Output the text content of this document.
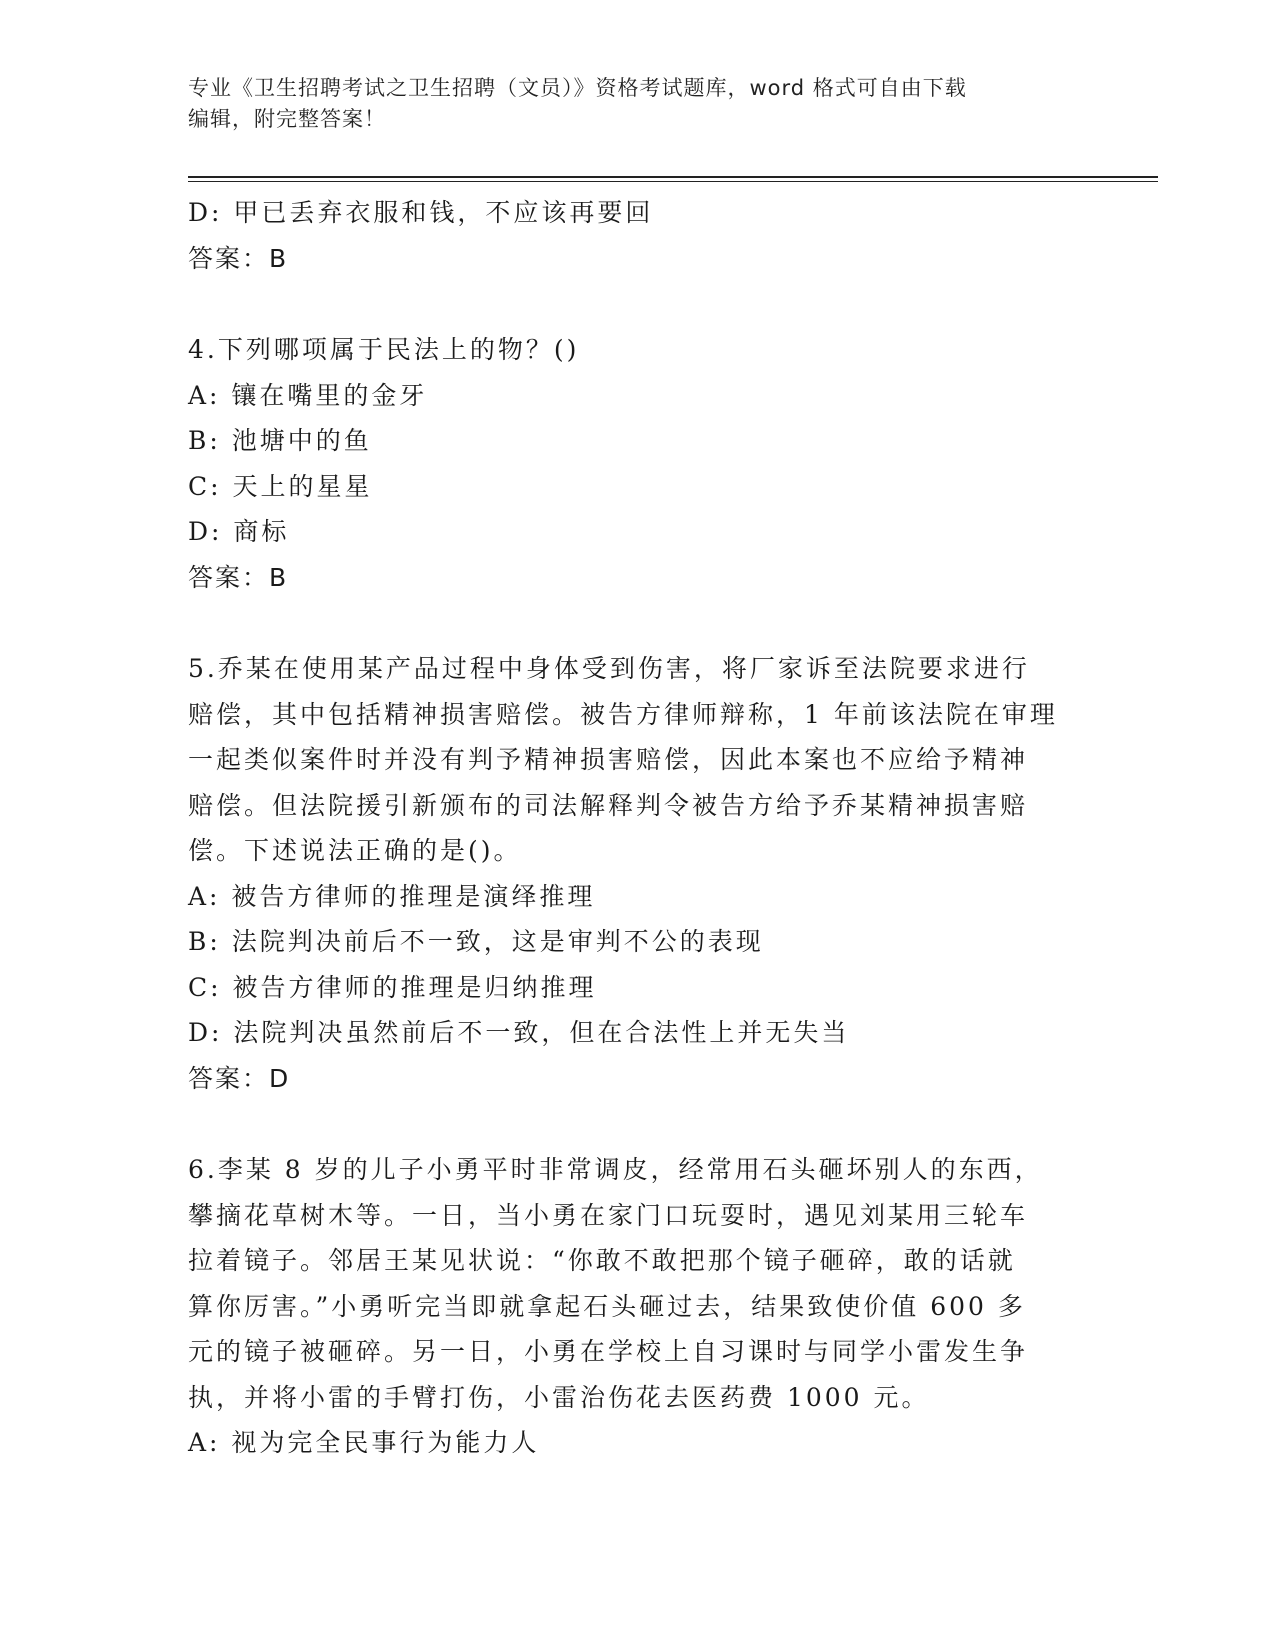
专业《卫生招聘考试之卫生招聘（文员）》资格考试题库，word 格式可自由下载
编辑，附完整答案！
D: 甲已丢弃衣服和钱，不应该再要回
答案：B
4.下列哪项属于民法上的物？()
A: 镶在嘴里的金牙
B: 池塘中的鱼
C: 天上的星星
D: 商标
答案：B
5.乔某在使用某产品过程中身体受到伤害，将厂家诉至法院要求进行
赔偿，其中包括精神损害赔偿。被告方律师辩称，1 年前该法院在审理
一起类似案件时并没有判予精神损害赔偿，因此本案也不应给予精神
赔偿。但法院援引新颁布的司法解释判令被告方给予乔某精神损害赔
偿。下述说法正确的是()。
A: 被告方律师的推理是演绎推理
B: 法院判决前后不一致，这是审判不公的表现
C: 被告方律师的推理是归纳推理
D: 法院判决虽然前后不一致，但在合法性上并无失当
答案：D
6.李某 8 岁的儿子小勇平时非常调皮，经常用石头砸坏别人的东西，
攀摘花草树木等。一日，当小勇在家门口玩耍时，遇见刘某用三轮车
拉着镜子。邻居王某见状说：“你敢不敢把那个镜子砸碎，敢的话就
算你厉害。”小勇听完当即就拿起石头砸过去，结果致使价值 600 多
元的镜子被砸碎。另一日，小勇在学校上自习课时与同学小雷发生争
执，并将小雷的手臂打伤，小雷治伤花去医药费 1000 元。
A: 视为完全民事行为能力人
